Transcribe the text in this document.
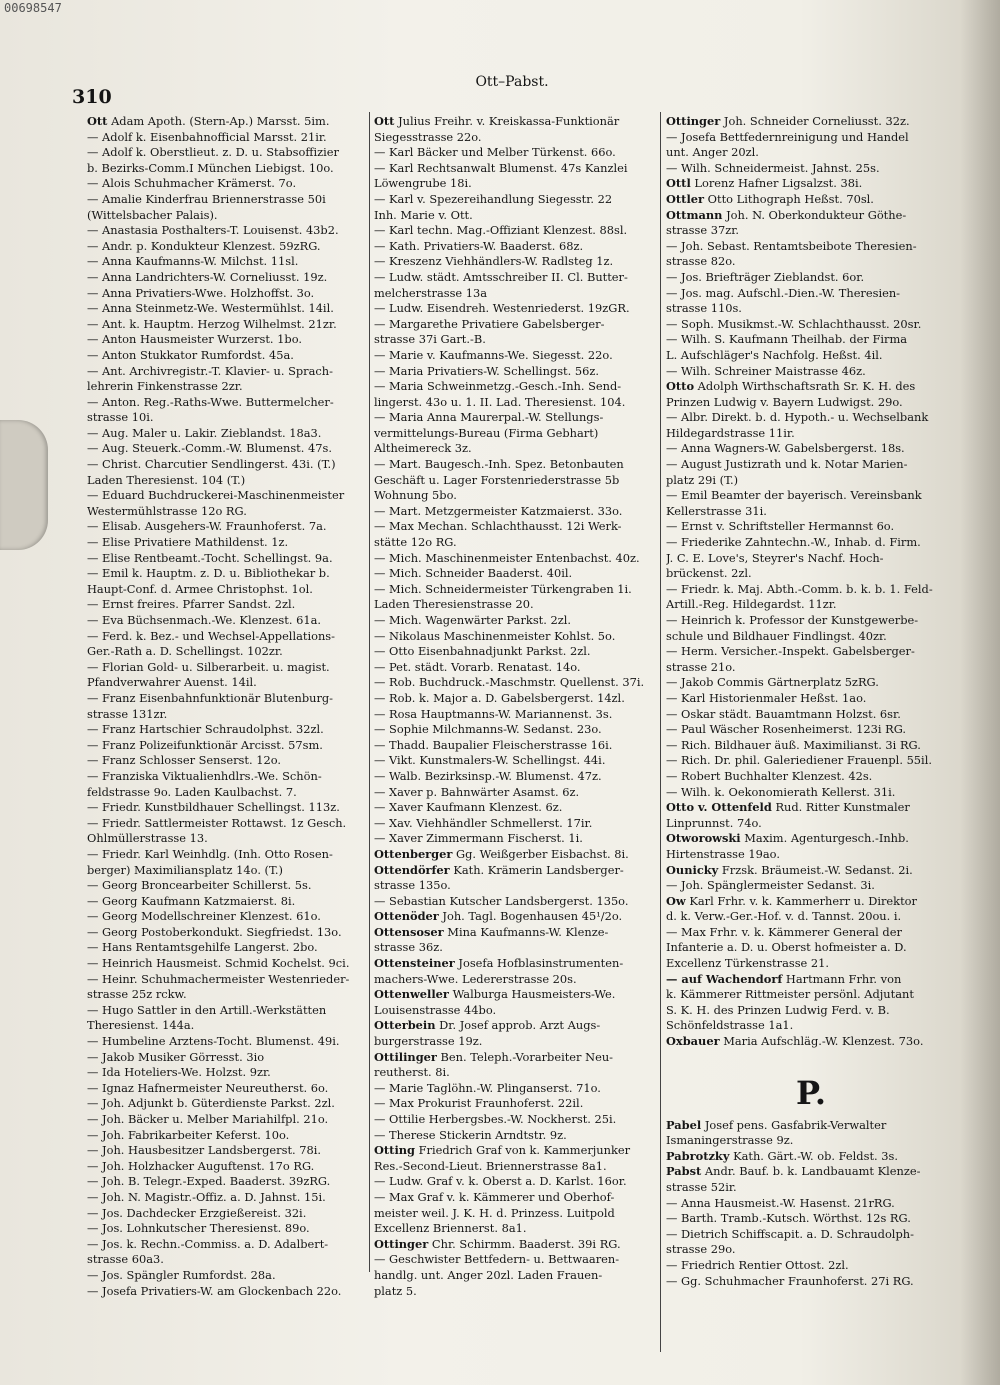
00698547
310
Ott–Pabst.

Ott Adam Apoth. (Stern-Ap.) Marsst. 5im.

— Adolf k. Eisenbahnofficial Marsst. 21ir.

— Adolf k. Oberstlieut. z. D. u. Stabsoffizier

b. Bezirks-Comm.I München Liebigst. 10o.

— Alois Schuhmacher Krämerst. 7o.

— Amalie Kinderfrau Briennerstrasse 50i

(Wittelsbacher Palais).

— Anastasia Posthalters-T. Louisenst. 43b2.

— Andr. p. Kondukteur Klenzest. 59zRG.

— Anna Kaufmanns-W. Milchst. 11sl.

— Anna Landrichters-W. Corneliusst. 19z.

— Anna Privatiers-Wwe. Holzhoffst. 3o.

— Anna Steinmetz-We. Westermühlst. 14il.

— Ant. k. Hauptm. Herzog Wilhelmst. 21zr.

— Anton Hausmeister Wurzerst. 1bo.

— Anton Stukkator Rumfordst. 45a.

— Ant. Archivregistr.-T. Klavier- u. Sprach-

lehrerin Finkenstrasse 2zr.

— Anton. Reg.-Raths-Wwe. Buttermelcher-

strasse 10i.

— Aug. Maler u. Lakir. Zieblandst. 18a3.

— Aug. Steuerk.-Comm.-W. Blumenst. 47s.

— Christ. Charcutier Sendlingerst. 43i. (T.)

Laden Theresienst. 104 (T.)

— Eduard Buchdruckerei-Maschinenmeister

Westermühlstrasse 12o RG.

— Elisab. Ausgehers-W. Fraunhoferst. 7a.

— Elise Privatiere Mathildenst. 1z.

— Elise Rentbeamt.-Tocht. Schellingst. 9a.

— Emil k. Hauptm. z. D. u. Bibliothekar b.

Haupt-Conf. d. Armee Christophst. 1ol.

— Ernst freires. Pfarrer Sandst. 2zl.

— Eva Büchsenmach.-We. Klenzest. 61a.

— Ferd. k. Bez.- und Wechsel-Appellations-

Ger.-Rath a. D. Schellingst. 102zr.

— Florian Gold- u. Silberarbeit. u. magist.

Pfandverwahrer Auenst. 14il.

— Franz Eisenbahnfunktionär Blutenburg-

strasse 131zr.

— Franz Hartschier Schraudolphst. 32zl.

— Franz Polizeifunktionär Arcisst. 57sm.

— Franz Schlosser Senserst. 12o.

— Franziska Viktualienhdlrs.-We. Schön-

feldstrasse 9o. Laden Kaulbachst. 7.

— Friedr. Kunstbildhauer Schellingst. 113z.

— Friedr. Sattlermeister Rottawst. 1z Gesch.

Ohlmüllerstrasse 13.

— Friedr. Karl Weinhdlg. (Inh. Otto Rosen-

berger) Maximiliansplatz 14o. (T.)

— Georg Broncearbeiter Schillerst. 5s.

— Georg Kaufmann Katzmaierst. 8i.

— Georg Modellschreiner Klenzest. 61o.

— Georg Postoberkondukt. Siegfriedst. 13o.

— Hans Rentamtsgehilfe Langerst. 2bo.

— Heinrich Hausmeist. Schmid Kochelst. 9ci.

— Heinr. Schuhmachermeister Westenrieder-

strasse 25z rckw.

— Hugo Sattler in den Artill.-Werkstätten

Theresienst. 144a.

— Humbeline Arztens-Tocht. Blumenst. 49i.

— Jakob Musiker Görresst. 3io

— Ida Hoteliers-We. Holzst. 9zr.

— Ignaz Hafnermeister Neureutherst. 6o.

— Joh. Adjunkt b. Güterdienste Parkst. 2zl.

— Joh. Bäcker u. Melber Mariahilfpl. 21o.

— Joh. Fabrikarbeiter Keferst. 10o.

— Joh. Hausbesitzer Landsbergerst. 78i.

— Joh. Holzhacker Auguftenst. 17o RG.

— Joh. B. Telegr.-Exped. Baaderst. 39zRG.

— Joh. N. Magistr.-Offiz. a. D. Jahnst. 15i.

— Jos. Dachdecker Erzgießereist. 32i.

— Jos. Lohnkutscher Theresienst. 89o.

— Jos. k. Rechn.-Commiss. a. D. Adalbert-

strasse 60a3.

— Jos. Spängler Rumfordst. 28a.

— Josefa Privatiers-W. am Glockenbach 22o.

Ott Julius Freihr. v. Kreiskassa-Funktionär

Siegesstrasse 22o.

— Karl Bäcker und Melber Türkenst. 66o.

— Karl Rechtsanwalt Blumenst. 47s Kanzlei

Löwengrube 18i.

— Karl v. Spezereihandlung Siegesstr. 22

Inh. Marie v. Ott.

— Karl techn. Mag.-Offiziant Klenzest. 88sl.

— Kath. Privatiers-W. Baaderst. 68z.

— Kreszenz Viehhändlers-W. Radlsteg 1z.

— Ludw. städt. Amtsschreiber II. Cl. Butter-

melcherstrasse 13a

— Ludw. Eisendreh. Westenriederst. 19zGR.

— Margarethe Privatiere Gabelsberger-

strasse 37i Gart.-B.

— Marie v. Kaufmanns-We. Siegesst. 22o.

— Maria Privatiers-W. Schellingst. 56z.

— Maria Schweinmetzg.-Gesch.-Inh. Send-

lingerst. 43o u. 1. II. Lad. Theresienst. 104.

— Maria Anna Maurerpal.-W. Stellungs-

vermittelungs-Bureau (Firma Gebhart)

Altheimereck 3z.

— Mart. Baugesch.-Inh. Spez. Betonbauten

Geschäft u. Lager Forstenriederstrasse 5b

Wohnung 5bo.

— Mart. Metzgermeister Katzmaierst. 33o.

— Max Mechan. Schlachthausst. 12i Werk-

stätte 12o RG.

— Mich. Maschinenmeister Entenbachst. 40z.

— Mich. Schneider Baaderst. 40il.

— Mich. Schneidermeister Türkengraben 1i.

Laden Theresienstrasse 20.

— Mich. Wagenwärter Parkst. 2zl.

— Nikolaus Maschinenmeister Kohlst. 5o.

— Otto Eisenbahnadjunkt Parkst. 2zl.

— Pet. städt. Vorarb. Renatast. 14o.

— Rob. Buchdruck.-Maschmstr. Quellenst. 37i.

— Rob. k. Major a. D. Gabelsbergerst. 14zl.

— Rosa Hauptmanns-W. Mariannenst. 3s.

— Sophie Milchmanns-W. Sedanst. 23o.

— Thadd. Baupalier Fleischerstrasse 16i.

— Vikt. Kunstmalers-W. Schellingst. 44i.

— Walb. Bezirksinsp.-W. Blumenst. 47z.

— Xaver p. Bahnwärter Asamst. 6z.

— Xaver Kaufmann Klenzest. 6z.

— Xav. Viehhändler Schmellerst. 17ir.

— Xaver Zimmermann Fischerst. 1i.

Ottenberger Gg. Weißgerber Eisbachst. 8i.

Ottendörfer Kath. Krämerin Landsberger-

strasse 135o.

— Sebastian Kutscher Landsbergerst. 135o.

Ottenöder Joh. Tagl. Bogenhausen 45¹/2o.

Ottensoser Mina Kaufmanns-W. Klenze-

strasse 36z.

Ottensteiner Josefa Hofblasinstrumenten-

machers-Wwe. Ledererstrasse 20s.

Ottenweller Walburga Hausmeisters-We.

Louisenstrasse 44bo.

Otterbein Dr. Josef approb. Arzt Augs-

burgerstrasse 19z.

Ottilinger Ben. Teleph.-Vorarbeiter Neu-

reutherst. 8i.

— Marie Taglöhn.-W. Plinganserst. 71o.

— Max Prokurist Fraunhoferst. 22il.

— Ottilie Herbergsbes.-W. Nockherst. 25i.

— Therese Stickerin Arndtstr. 9z.

Otting Friedrich Graf von k. Kammerjunker

Res.-Second-Lieut. Briennerstrasse 8a1.

— Ludw. Graf v. k. Oberst a. D. Karlst. 16or.

— Max Graf v. k. Kämmerer und Oberhof-

meister weil. J. K. H. d. Prinzess. Luitpold

Excellenz Briennerst. 8a1.

Ottinger Chr. Schirmm. Baaderst. 39i RG.

— Geschwister Bettfedern- u. Bettwaaren-

handlg. unt. Anger 20zl. Laden Frauen-

platz 5.

Ottinger Joh. Schneider Corneliusst. 32z.

— Josefa Bettfedernreinigung und Handel

unt. Anger 20zl.

— Wilh. Schneidermeist. Jahnst. 25s.

Ottl Lorenz Hafner Ligsalzst. 38i.

Ottler Otto Lithograph Heßst. 70sl.

Ottmann Joh. N. Oberkondukteur Göthe-

strasse 37zr.

— Joh. Sebast. Rentamtsbeibote Theresien-

strasse 82o.

— Jos. Briefträger Zieblandst. 6or.

— Jos. mag. Aufschl.-Dien.-W. Theresien-

strasse 110s.

— Soph. Musikmst.-W. Schlachthausst. 20sr.

— Wilh. S. Kaufmann Theilhab. der Firma

L. Aufschläger's Nachfolg. Heßst. 4il.

— Wilh. Schreiner Maistrasse 46z.

Otto Adolph Wirthschaftsrath Sr. K. H. des

Prinzen Ludwig v. Bayern Ludwigst. 29o.

— Albr. Direkt. b. d. Hypoth.- u. Wechselbank

Hildegardstrasse 11ir.

— Anna Wagners-W. Gabelsbergerst. 18s.

— August Justizrath und k. Notar Marien-

platz 29i (T.)

— Emil Beamter der bayerisch. Vereinsbank

Kellerstrasse 31i.

— Ernst v. Schriftsteller Hermannst 6o.

— Friederike Zahntechn.-W., Inhab. d. Firm.

J. C. E. Love's, Steyrer's Nachf. Hoch-

brückenst. 2zl.

— Friedr. k. Maj. Abth.-Comm. b. k. b. 1. Feld-

Artill.-Reg. Hildegardst. 11zr.

— Heinrich k. Professor der Kunstgewerbe-

schule und Bildhauer Findlingst. 40zr.

— Herm. Versicher.-Inspekt. Gabelsberger-

strasse 21o.

— Jakob Commis Gärtnerplatz 5zRG.

— Karl Historienmaler Heßst. 1ao.

— Oskar städt. Bauamtmann Holzst. 6sr.

— Paul Wäscher Rosenheimerst. 123i RG.

— Rich. Bildhauer äuß. Maximilianst. 3i RG.

— Rich. Dr. phil. Galeriediener Frauenpl. 55il.

— Robert Buchhalter Klenzest. 42s.

— Wilh. k. Oekonomierath Kellerst. 31i.

Otto v. Ottenfeld Rud. Ritter Kunstmaler

Linprunnst. 74o.

Otworowski Maxim. Agenturgesch.-Inhb.

Hirtenstrasse 19ao.

Ounicky Frzsk. Bräumeist.-W. Sedanst. 2i.

— Joh. Spänglermeister Sedanst. 3i.

Ow Karl Frhr. v. k. Kammerherr u. Direktor

d. k. Verw.-Ger.-Hof. v. d. Tannst. 20ou. i.

— Max Frhr. v. k. Kämmerer General der

Infanterie a. D. u. Oberst hofmeister a. D.

Excellenz Türkenstrasse 21.

— auf Wachendorf Hartmann Frhr. von

k. Kämmerer Rittmeister persönl. Adjutant

S. K. H. des Prinzen Ludwig Ferd. v. B.

Schönfeldstrasse 1a1.

Oxbauer Maria Aufschläg.-W. Klenzest. 73o.

P.

Pabel Josef pens. Gasfabrik-Verwalter

Ismaningerstrasse 9z.

Pabrotzky Kath. Gärt.-W. ob. Feldst. 3s.

Pabst Andr. Bauf. b. k. Landbauamt Klenze-

strasse 52ir.

— Anna Hausmeist.-W. Hasenst. 21rRG.

— Barth. Tramb.-Kutsch. Wörthst. 12s RG.

— Dietrich Schiffscapit. a. D. Schraudolph-

strasse 29o.

— Friedrich Rentier Ottost. 2zl.

— Gg. Schuhmacher Fraunhoferst. 27i RG.
